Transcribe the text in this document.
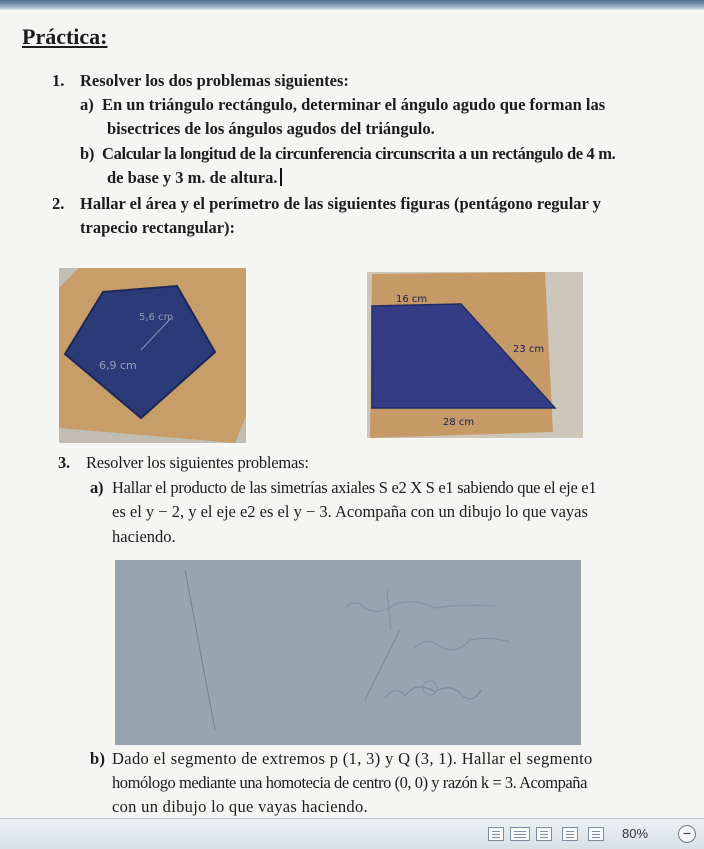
Práctica:
1. Resolver los dos problemas siguientes:
a) En un triángulo rectángulo, determinar el ángulo agudo que forman las
bisectrices de los ángulos agudos del triángulo.
b) Calcular la longitud de la circunferencia circunscrita a un rectángulo de 4 m.
de base y 3 m. de altura.
2. Hallar el área y el perímetro de las siguientes figuras (pentágono regular y
trapecio rectangular):
5,6 cm
6,9 cm
16 cm
23 cm
28 cm
3. Resolver los siguientes problemas:
a) Hallar el producto de las simetrías axiales S e2 X S e1 sabiendo que el eje e1
es el y − 2, y el eje e2 es el y − 3. Acompaña con un dibujo lo que vayas
haciendo.
b) Dado el segmento de extremos p (1, 3) y Q (3, 1). Hallar el segmento
homólogo mediante una homotecia de centro (0, 0) y razón k = 3. Acompaña
con un dibujo lo que vayas haciendo.
80%	−
